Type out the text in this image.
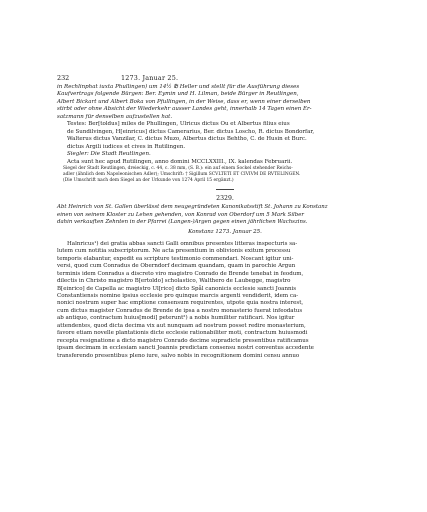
232	1273. Januar 25.
in Rechlinphat iuxta Phullingen) um 14½ ℔ Heller und stellt für die Ausführung dieses
Kaufvertrags folgende Bürgen: Ber. Eymin und H. Lilman, beide Bürger in Reutlingen,
Albert Bickart und Albert Boka von Pfullingen, in der Weise, dass er, wenn einer derselben
stirbt oder ohne Absicht der Wiederkehr ausser Landes geht, innerhalb 14 Tagen einen Er-
satzmann für denselben aufzustellen hat.
Testes: Ber[toldus] miles de Phullingen, Ulricus dictus Ou et Albertus filius eius
de Sundilvingen, H[einricus] dictus Camerarius, Ber. dictus Loscho, R. dictus Bondorfar,
Walterus dictus Vanzilar, C. dictus Muzo, Albertus dictus Behtho, C. de Husin et Burc.
dictus Argili iudices et cives in Rutilingen.

Siegler: Die Stadt Reutlingen.

Acta sunt hec apud Rutilingen, anno domini MCCLXXIII., IX. kalendas Februarii.

Siegel der Stadt Reutlingen, dreieckig, c. 44, c. 38 mm, (S. B.): ein auf einem Sockel stehender Reichs-
adler (ähnlich dem Napoleonischen Adler); Umschrift: † Sigillum SCVLTETI ET CIVIVM DE RVTELINGEN.
(Die Umschrift nach dem Siegel an der Urkunde von 1274 April 15 ergänzt.)

2329.

Abt Heinrich von St. Gallen überlässt dem neugegründeten Kanonikatsstift St. Johann zu Konstanz
einen von seinem Kloster zu Lehen gehenden, von Konrad von Oberdorf um 5 Mark Silber
dahin verkauften Zehnten in der Pfarrei (Langen-)Argen gegen einen jährlichen Wachszins.

Konstanz 1273. Januar 25.

Halnricus¹) dei gratia abbas sancti Galli omnibus presentes litteras inspecturis sa-
lutem cum notitia subscriptorum. Ne acta presentium in oblivionis exitum processu
temporis elabantur, expedit ea scripture testimonio commendari. Noscant igitur uni-
versi, quod cum Conradus de Oberndorf decimam quandam, quam in parochie Argun
terminis idem Conradus a discreto viro magistro Conrado de Brende tenebat in feodum,
dilectis in Christo magistro B[ertoldo] scholastico, Walthero de Laubegge, magistro
B[einrico] de Capella ac magistro Ul[rico] dicto Spål canonicis ecclesie sancti Joannis
Constantiensis nomine ipsius ecclesie pro quinque marcis argenti vendiderit, idem ca-
nonici nostrum super hac emptione consensum requirentes, utpote quia nostra interest,
cum dictus magister Conradus de Brende de ipsa a nostro monasterio fuerat infeodatus
ab antiquo, contractum huius[modi] peterunt²) a nobis humiliter ratificari. Nos igitur
attendentes, quod dicta decima vix aut nunquam ad nostrum posset redire monasterium,
favore etiam novelle plantationis dicte ecclesie rationabiliter moti, contractum huiusmodi
recepta resignatione a dicto magistro Conrado decime supradicte presentibus ratificamus
ipsam decimam in ecclesiam sancti Joannis predictam consensu nostri conventus accedente
transferendo presentibus pleno iure, salvo nobis in recognitionem domini censu annuo
